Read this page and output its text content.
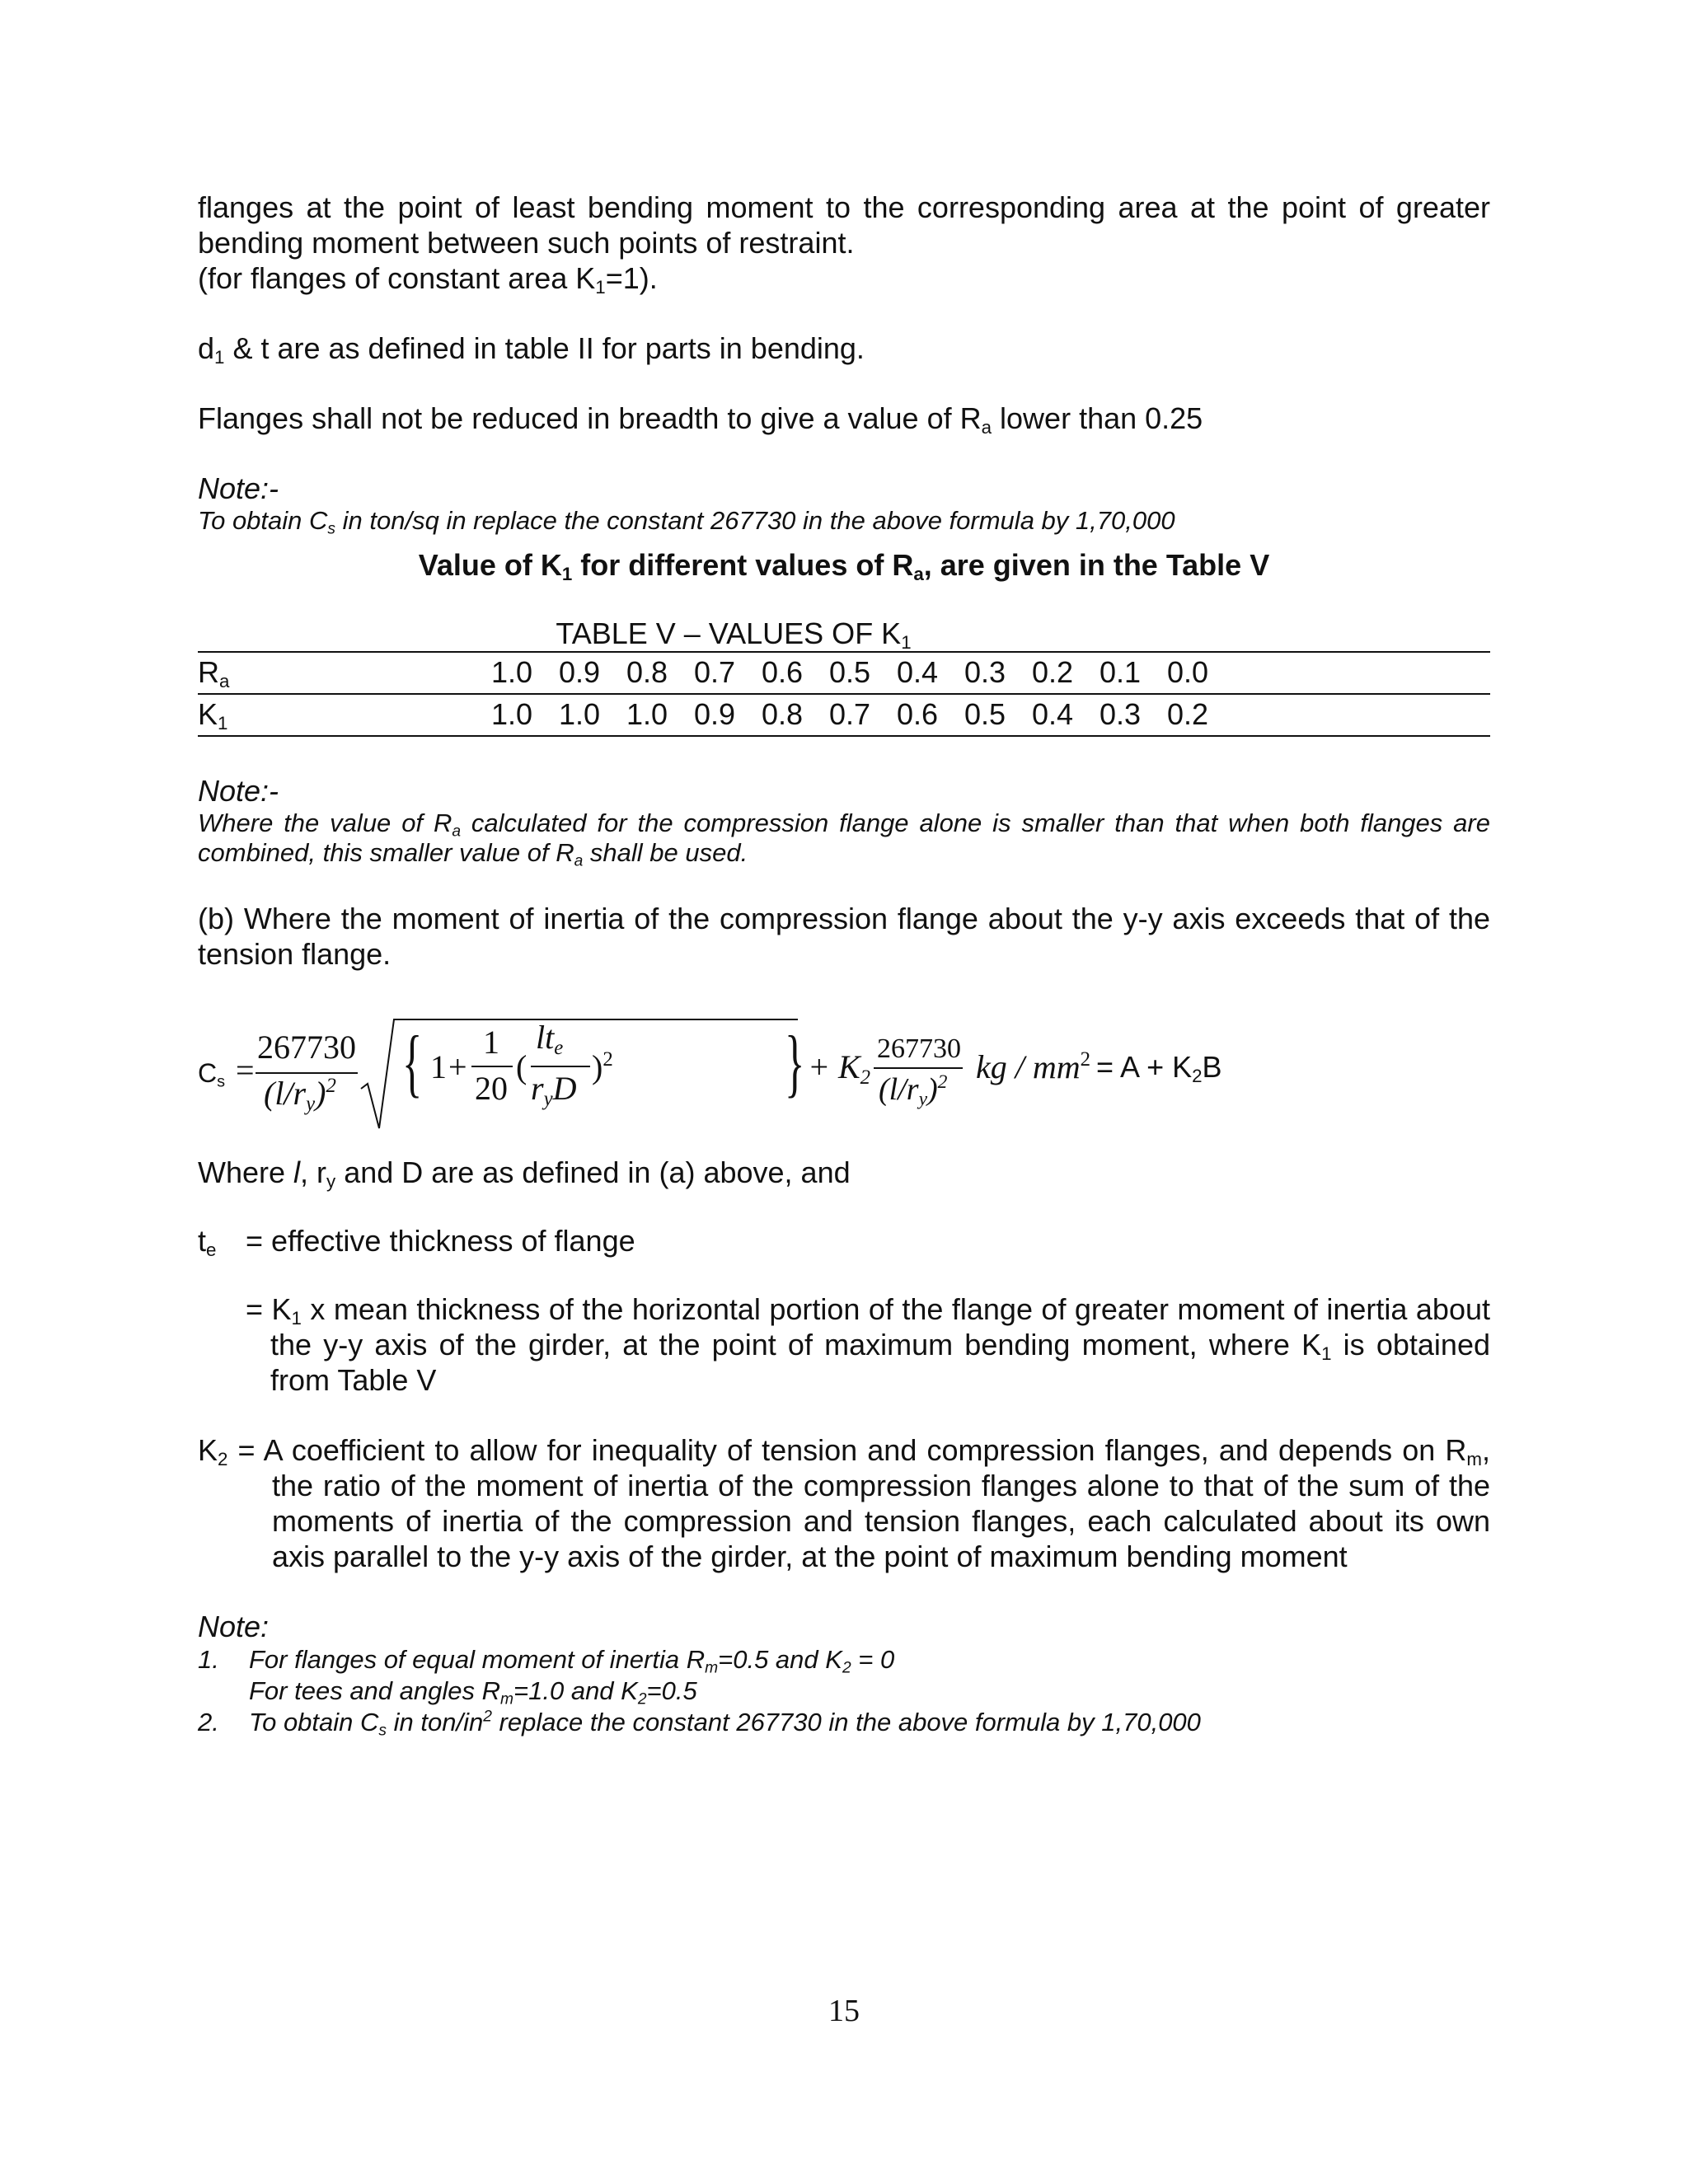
flanges at the point of least bending moment to the corresponding area at the point of greater bending moment between such points of restraint.
(for flanges of constant area $K_1=1$).

$d_1$ & t are as defined in table II for parts in bending.

Flanges shall not be reduced in breadth to give a value of $R_a$ lower than 0.25

Note:-

To obtain $C_s$ in ton/sq in replace the constant 267730 in the above formula by 1,70,000

Value of $K_1$ for different values of $R_a$, are given in the Table V

TABLE V – VALUES OF $K_1$
$R_a$	1.0	0.9	0.8	0.7	0.6	0.5	0.4	0.3	0.2	0.1	0.0	
$K_1$	1.0	1.0	1.0	0.9	0.8	0.7	0.6	0.5	0.4	0.3	0.2	

Note:-

Where the value of $R_a$ calculated for the compression flange alone is smaller than that when both flanges are combined, this smaller value of $R_a$ shall be used.

(b) Where the moment of inertia of the compression flange about the y-y axis exceeds that of the tension flange.

$C_s$ =
267730
$(l/r_y)^2$ { 1 +
1
20
(
$lt_e$
$r_yD$
)$^2$ } + $K_2$
267730
$(l/r_y)^2$ kg / $mm^2 = A + K_2B$

Where l, $r_y$ and D are as defined in (a) above, and

$t_e$ = effective thickness of flange
= $K_1$ x mean thickness of the horizontal portion of the flange of greater moment of inertia about the y-y axis of the girder, at the point of maximum bending moment, where $K_1$ is obtained from Table V

$K_2 = A$ coefficient to allow for inequality of tension and compression flanges, and depends on $R_m$, the ratio of the moment of inertia of the compression flanges alone to that of the sum of the moments of inertia of the compression and tension flanges, each calculated about its own axis parallel to the y-y axis of the girder, at the point of maximum bending moment

Note:

1. For flanges of equal moment of inertia $R_m=0.5$ and $K_2 = 0$
For tees and angles $R_m=1.0$ and $K_2=0.5$
2. To obtain $C_s$ in ton/$in^2$ replace the constant 267730 in the above formula by 1,70,000
15
